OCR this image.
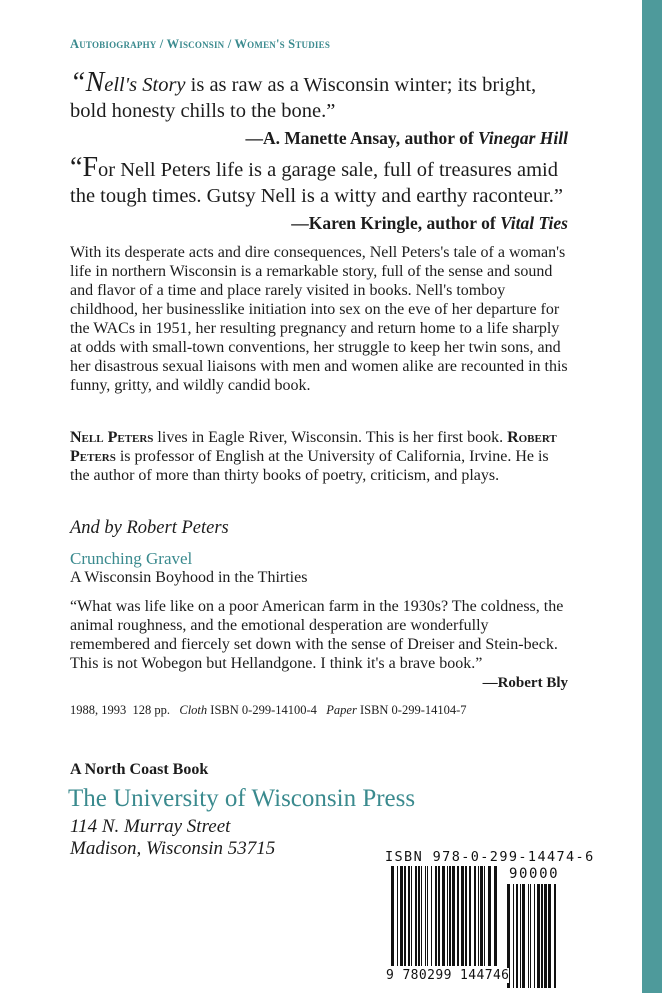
Autobiography / Wisconsin / Women's Studies
“Nell's Story is as raw as a Wisconsin winter; its bright, bold honesty chills to the bone.”
—A. Manette Ansay, author of Vinegar Hill
“For Nell Peters life is a garage sale, full of treasures amid the tough times. Gutsy Nell is a witty and earthy raconteur.”
—Karen Kringle, author of Vital Ties
With its desperate acts and dire consequences, Nell Peters's tale of a woman's life in northern Wisconsin is a remarkable story, full of the sense and sound and flavor of a time and place rarely visited in books. Nell's tomboy childhood, her businesslike initiation into sex on the eve of her departure for the WACs in 1951, her resulting pregnancy and return home to a life sharply at odds with small-town conventions, her struggle to keep her twin sons, and her disastrous sexual liaisons with men and women alike are recounted in this funny, gritty, and wildly candid book.
Nell Peters lives in Eagle River, Wisconsin. This is her first book. Robert Peters is professor of English at the University of California, Irvine. He is the author of more than thirty books of poetry, criticism, and plays.
And by Robert Peters
Crunching Gravel
A Wisconsin Boyhood in the Thirties
“What was life like on a poor American farm in the 1930s? The coldness, the animal roughness, and the emotional desperation are wonderfully remembered and fiercely set down with the sense of Dreiser and Stein-beck. This is not Wobegon but Hellandgone. I think it's a brave book.”
—Robert Bly
1988, 1993 128 pp. Cloth ISBN 0-299-14100-4 Paper ISBN 0-299-14104-7
A North Coast Book
The University of Wisconsin Press
114 N. Murray Street
Madison, Wisconsin 53715	ISBN 978-0-299-14474-6
90000
9 780299 144746
